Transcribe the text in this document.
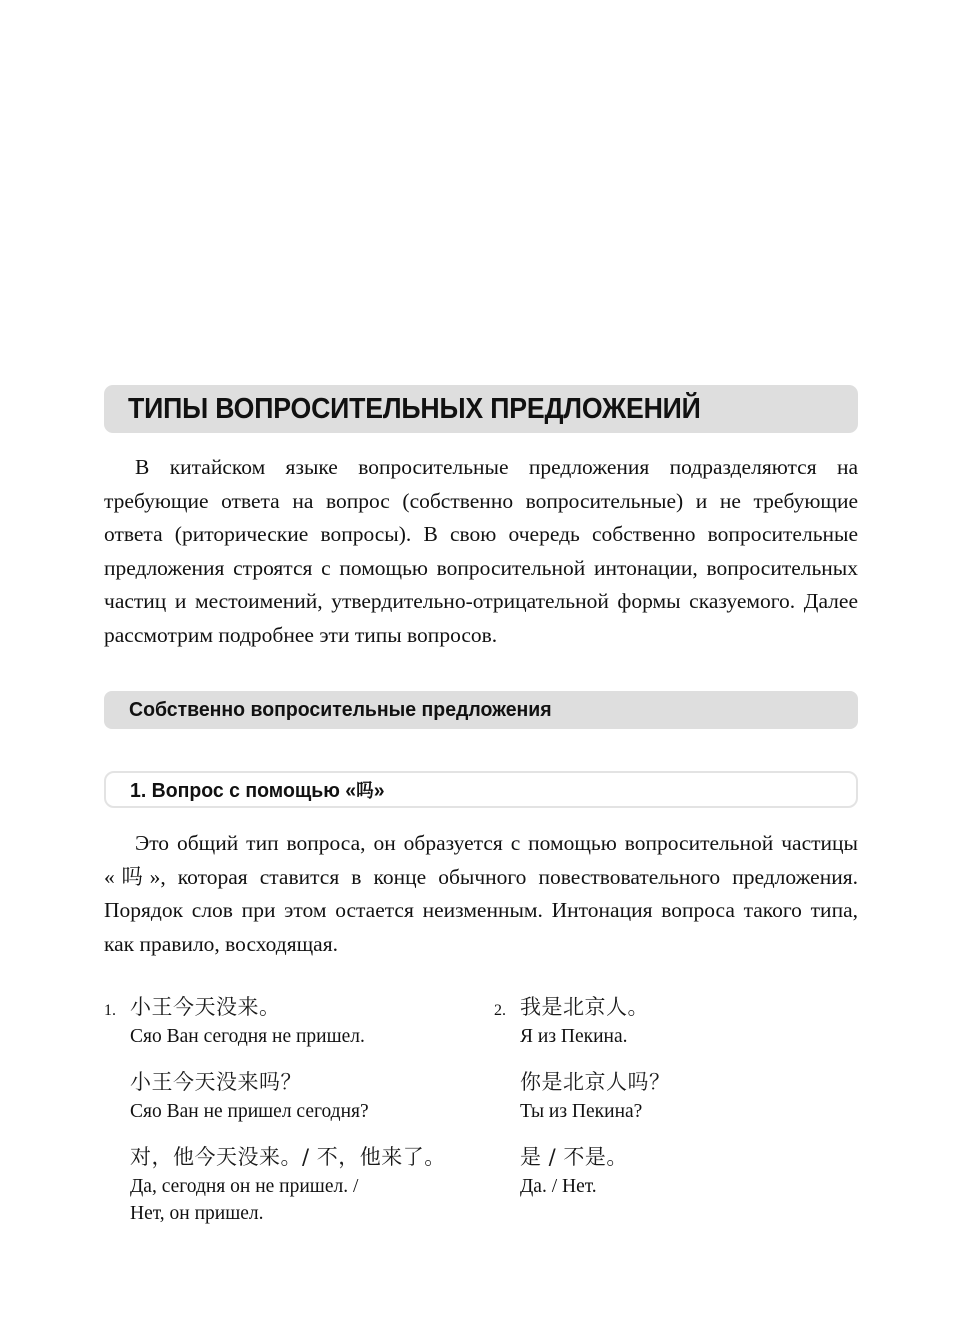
ТИПЫ ВОПРОСИТЕЛЬНЫХ ПРЕДЛОЖЕНИЙ

В китайском языке вопросительные предложения подразделяются на требующие ответа на вопрос (собственно вопросительные) и не требующие ответа (риторические вопросы). В свою очередь собственно вопросительные предложения строятся с помощью вопросительной интонации, вопросительных частиц и местоимений, утвердительно-отрицательной формы сказуемого. Далее рассмотрим подробнее эти типы вопросов.

Собственно вопросительные предложения
1. Вопрос с помощью «吗»

Это общий тип вопроса, он образуется с помощью вопросительной частицы «吗», которая ставится в конце обычного повествовательного предложения. Порядок слов при этом остается неизменным. Интонация вопроса такого типа, как правило, восходящая.

1. 小王今天没来。
Сяо Ван сегодня не пришел.
小王今天没来吗？
Сяо Ван не пришел сегодня?
对，他今天没来。/ 不，他来了。
Да, сегодня он не пришел. /
Нет, он пришел.
2. 我是北京人。
Я из Пекина.
你是北京人吗？
Ты из Пекина?
是 / 不是。
Да. / Нет.
